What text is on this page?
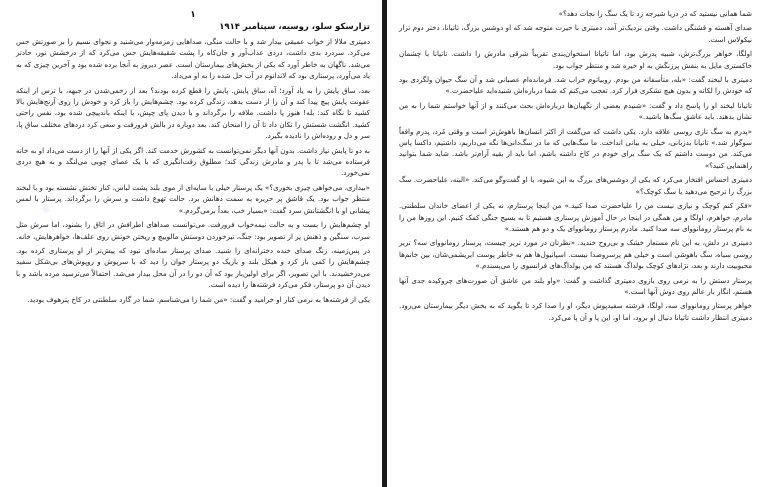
·
۱
تزارسکو سلو، روسیه، سپتامبر ۱۹۱۴

دمیتری ملالا از خواب عمیقی بیدار شد و با حالت منگی، صداهایی زمزمه‌وار می‌شنید و نجوای نسیم را بر صورتش حس می‌کرد. سردرد بدی داشت، دردی عذاب‌آور و جان‌کاه را پشت شقیقه‌هایش حس می‌کرد که از درخشش نور، حادتر می‌شد. ناگهان به خاطر آورد که یکی از بخش‌های بیمارستان است. عصر دیروز به آنجا برده شده بود و آخرین چیزی که به یاد می‌آورد، پرستاری بود که لاتدانوم در آب حل شده را به او می‌داد.

بعد، ساق پایش را به یاد آورد؛ آه، ساق پایش. پایش را قطع کرده بودند؟ بعد از زخمی‌شدن در جبهه، با ترس از اینکه عفونت پایش پیچ پیدا کند و آن را از دست بدهد، زندگی کرده بود. چشم‌هایش را باز کرد و خودش را روی آرنج‌هایش بالا کشید تا نگاه کند: بله! هنوز پا داشت. ملافه را برگرداند و با دیدن پای چپش، با اینکه باندپیچی شده بود، نفس راحتی کشید. انگشت شستش را تکان داد تا آن را امتحان کند. بعد دوباره در بالش فرورفت و سعی کرد دردهای مختلف ساق پا، سر و دل و روده‌اش را نادیده بگیرد.

به دو تا پایش نیاز داشت. بدون آنها دیگر نمی‌توانست به کشورش خدمت کند. اگر یکی از آنها را از دست می‌داد او به خانه فرستاده می‌شد تا با پدر و مادرش زندگی کند؛ مطلوق رقت‌انگیزی که با یک عصای چوبی می‌لنگد و به هیچ دردی نمی‌خورد.

«بیداری، می‌خواهی چیزی بخوری؟» یک پرستار خیلی با سایه‌ای از موی بلند پشت لباس، کنار تختش نشسته بود و با لبخند منتظر جواب بود. یک قاشق پر حریره به سمت دهانش برد. حالت تهوع داشت و سرش را برگرداند. پرستار با لمس پیشانی او با انگشتانش سرد گفت: «بسیار خب، بعداً برمی‌گردم.»

او چشم‌هایش را بست و به حالت نیمه‌خواب فرورفت. می‌توانست صداهای اطرافش در اتاق را بشنود، اما سرش مثل سرب، سنگین و ذهنش پر از تصویر بود: جنگ، تیرخوردن دوستش مالوییچ و ریختن خونش روی علف‌ها، خواهرهایش، خانه.

در پس‌زمینه، زنگ صدای خنده دخترانه‌ای را شنید. صدای پرستار ساده‌ای نبود که پیش‌تر از او پرستاری کرده بود. چشم‌هایش را کمی باز کرد و هیکل بلند و باریک دو پرستار جوان را دید که با سرپوش و روپوش‌های بی‌شکل سفید می‌درخشیدند. با این تصویر، اگر برای اولین‌بار بود که آن دو را در آن محل بیدار می‌شد. احتمالاً می‌ترسید مرده باشد و با دیدن آن دو پرستار، فکر می‌کرد فرشته‌ها را دیده است.

یکی از فرشته‌ها به نرمی کنار او خرامید و گفت: «من شما را می‌شناسم. شما در گارد سلطنتی در کاخ پترهوف بودید.

شما همانی نیستید که در دریا شیرجه زد تا یک سگ را نجات دهد؟»

صدای آهسته و قشنگی داشت. وقتی نزدیک‌تر آمد، دمیتری با حیرت متوجه شد که او دوشس بزرگ، تاتیانا، دختر دوم تزار نیکولاس است.

اولگا، خواهر بزرگ‌ترش، شبیه پدرش بود، اما تاتیانا استخوان‌بندی تقریباً شرقی مادرش را داشت. تاتیانا با چشمان خاکستری مایل به بنفش پرزنگش به او خیره شد و منتظر جواب بود.

دمیتری با لبخند گفت: «بله، متأسفانه من بودم. روبیاتوم خراب شد. فرمانده‌ام عصبانی شد و آن سگ حیوان ولگردی بود که خودش را لکاته و بدون هیچ تشکری فرار کرد. تعجب می‌کنم که شما درباره‌اش شنیده‌اید علیاحضرت.»

تاتیانا لبخند او را پاسخ داد و گفت: «شنیدم بعضی از نگهبان‌ها درباره‌اش بحث می‌کنند و از آنها خواستم شما را به من نشان بدهند. باید عاشق سگ‌ها باشید.»

«پدرم به سگ تازی روسی علاقه دارد. یکی داشت که می‌گفت از اکثر انسان‌ها باهوش‌تر است و وقتی مُرد، پدرم واقعاً سوگوار شد.» تاتیانا بدزبانی، خیلی به بیانی انداخت. ما سگ‌هایی که ما در سگ‌دانی‌ها نگه می‌داریم، داشتیم، داکسا پاس می‌کند. من دوست داشتم که یک سگ برای خودم در کاخ داشته باشم، اما باید از بقیه آرام‌تر باشد. شاید شما بتوانید راهنمایی کنید؟»

دمیتری احساس افتخار می‌کرد که یکی از دوشس‌های بزرگ به این شیوه، با او گفت‌وگو می‌کند. «البته، علیاحضرت. سگ بزرگ را ترجیح می‌دهید یا سگ کوچک؟»

«فکر کنم کوچک و نیازی نیست من را علیاحضرت صدا کنید.» من اینجا پرستارم، نه یکی از اعضای خاندان سلطنتی. مادرم، خواهرم، اولگا و من همگی در اینجا در حال آموزش پرستاری هستیم تا به بسیج جنگی کمک کنیم. این روزها من را به نام پرستار رومانووای سه صدا کنید. مادرم پرستار رومانووای یک و دو هم هستند.»

دمیتری در دلش، به این نام مستعار خشک و بی‌روح خندید. «نظرتان در مورد تریر چیست، پرستار رومانووای سه؟ تریر روسی سیاه، سگ باهوشی است و خیلی هم پرسروصدا نیست. اسپانیول‌ها هم به خاطر پوست ابریشمی‌شان، بین خانم‌ها محبوبیت دارند و بعد، نژادهای کوچک بولداگ هستند که من بولداگ‌های فرانسوی را می‌پسندم.»

پرستار دستش را به نرمی روی بازوی دمیتری گذاشت و گفت: «واو بلند من عاشق آن صورت‌های چروکیده جدی آنها هستم، انگار بار عالم روی دوش آنها است.»

خواهر پرستار رومانووای سه، اولگا، فرشته سفیدپوش دیگر، او را صدا کرد تا بگوید که به بخش دیگر بیمارستان می‌رود. دمیتری انتظار داشت تاتیانا دنبال او برود، اما او، این پا و آن پا می‌کرد.
